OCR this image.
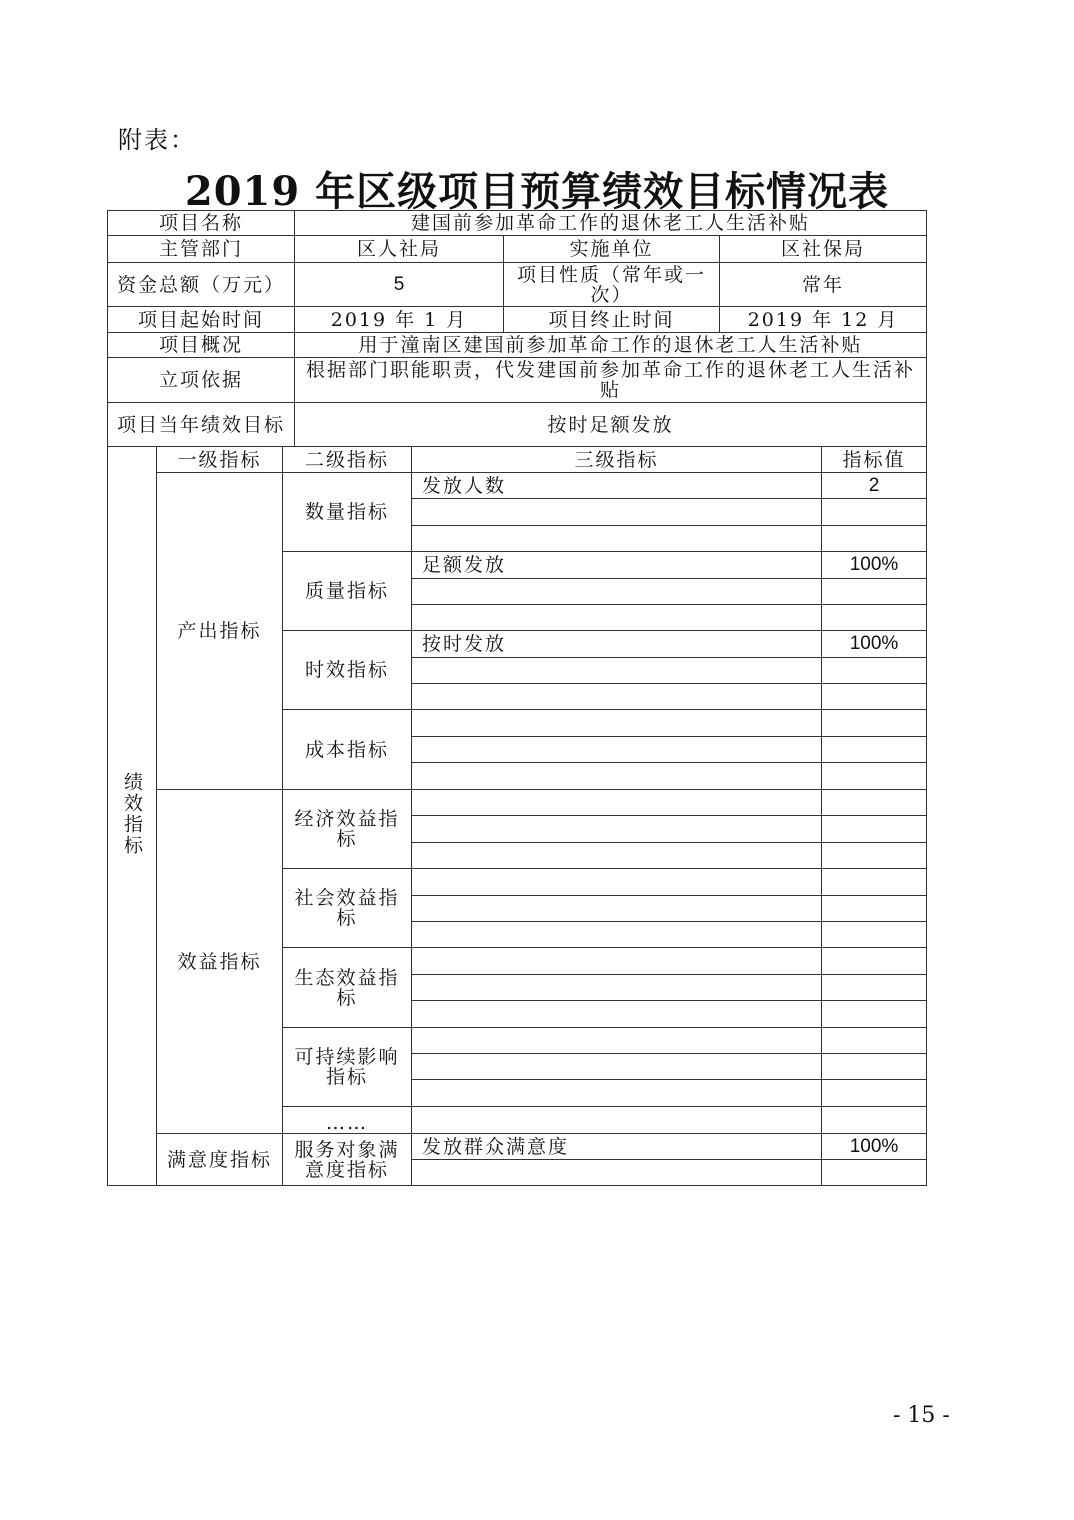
附表：
2019 年区级项目预算绩效目标情况表
项目名称			建国前参加革命工作的退休老工人生活补贴				
主管部门			区人社局		实施单位	区社保局	
资金总额（万元）			5		项目性质（常年或一次）	常年	
项目起始时间			2019 年 1 月		项目终止时间	2019 年 12 月	
项目概况			用于潼南区建国前参加革命工作的退休老工人生活补贴				
立项依据			根据部门职能职责，代发建国前参加革命工作的退休老工人生活补贴				
项目当年绩效目标			按时足额发放				
绩效指标	一级指标	二级指标		三级指标			指标值
	产出指标	数量指标		发放人数			2

		质量指标		足额发放			100%

		时效指标		按时发放			100%

		成本指标					

	效益指标	经济效益指标					

		社会效益指标					

		生态效益指标					

		可持续影响指标					

		……					
	满意度指标	服务对象满意度指标		发放群众满意度			100%

- 15 -
